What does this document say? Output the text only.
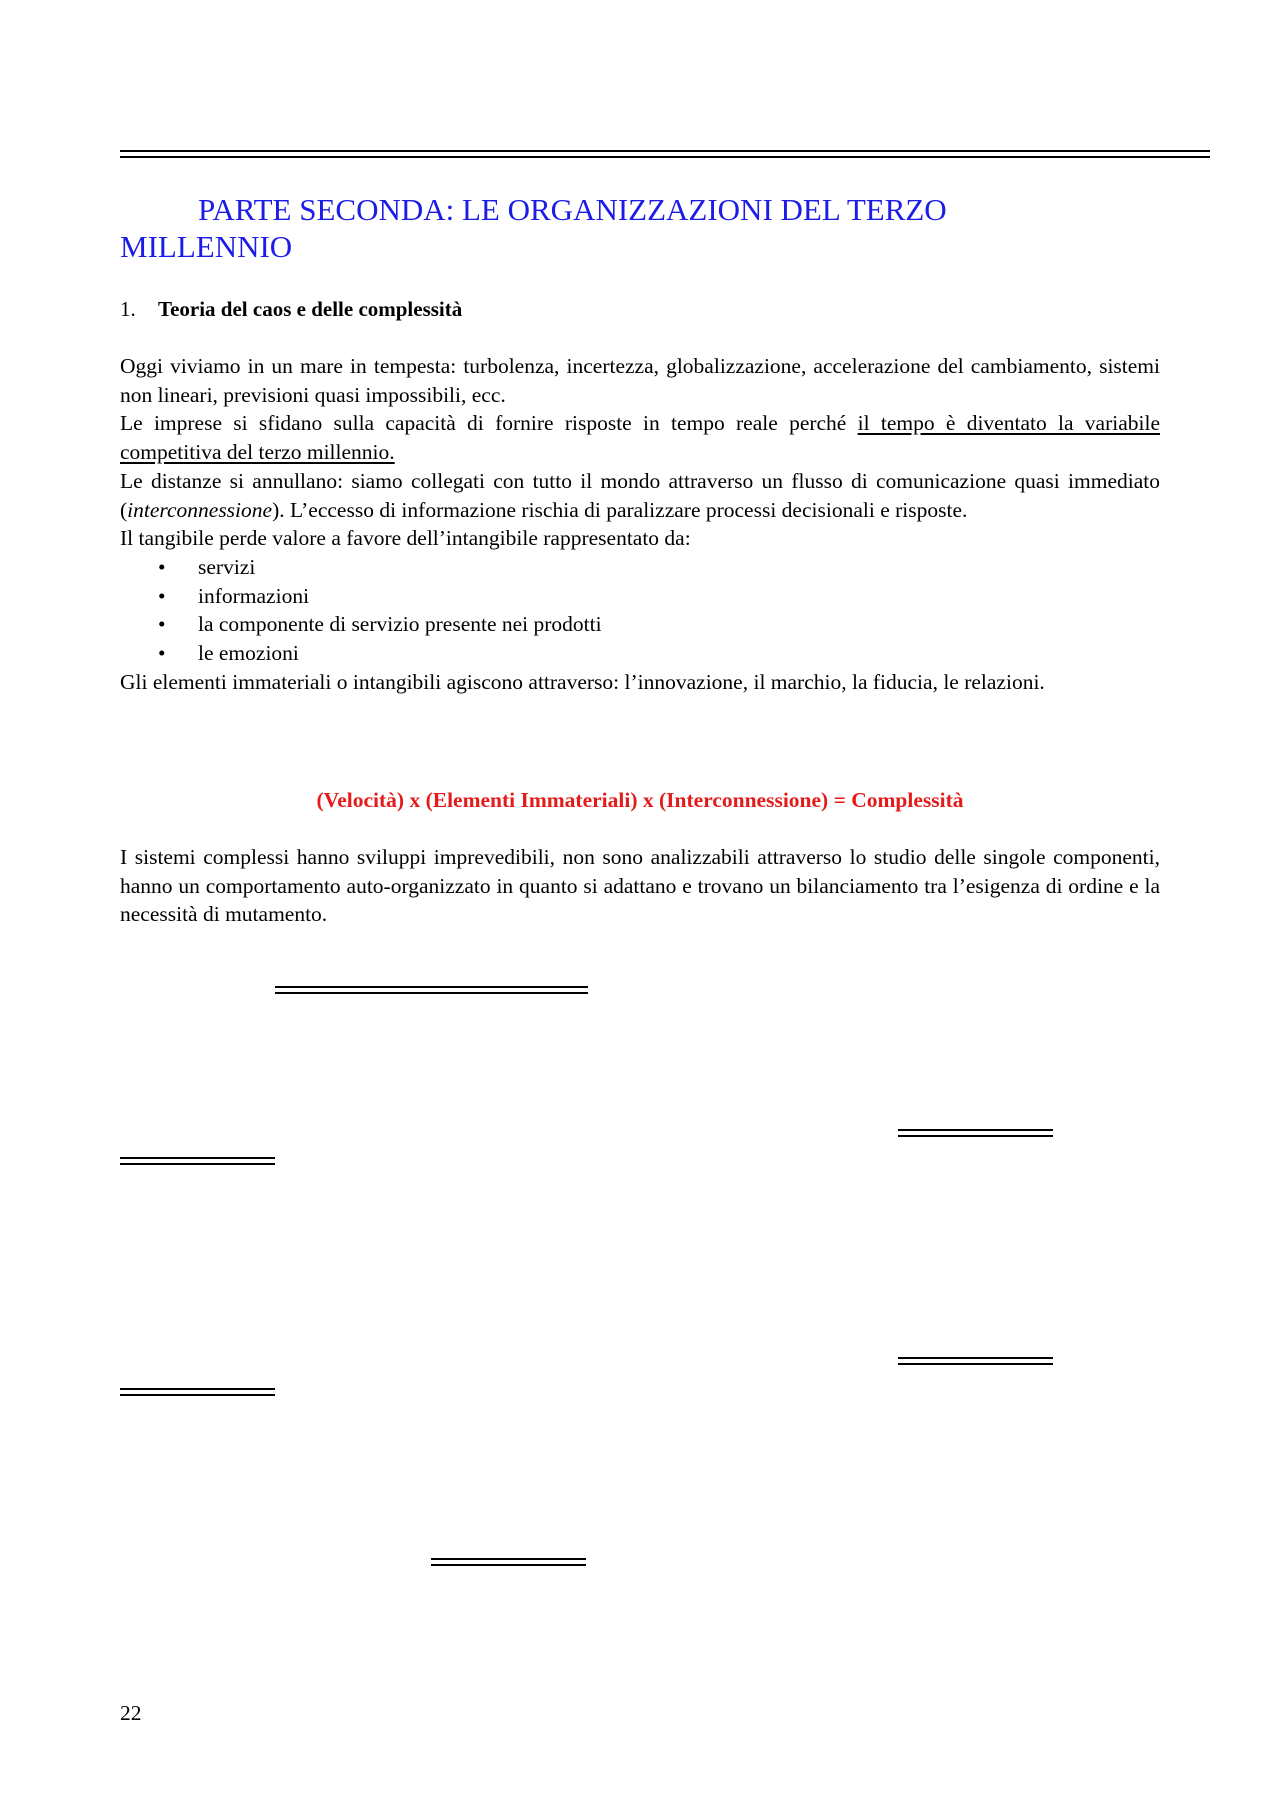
PARTE SECONDA: LE ORGANIZZAZIONI DEL TERZO
MILLENNIO
1. Teoria del caos e delle complessità

Oggi viviamo in un mare in tempesta: turbolenza, incertezza, globalizzazione, accelerazione del cambiamento, sistemi non lineari, previsioni quasi impossibili, ecc.

Le imprese si sfidano sulla capacità di fornire risposte in tempo reale perché il tempo è diventato la variabile competitiva del terzo millennio.

Le distanze si annullano: siamo collegati con tutto il mondo attraverso un flusso di comunicazione quasi immediato (interconnessione). L’eccesso di informazione rischia di paralizzare processi decisionali e risposte.

Il tangibile perde valore a favore dell’intangibile rappresentato da:

• servizi
• informazioni
• la componente di servizio presente nei prodotti
• le emozioni

Gli elementi immateriali o intangibili agiscono attraverso: l’innovazione, il marchio, la fiducia, le relazioni.

(Velocità) x (Elementi Immateriali) x (Interconnessione) = Complessità

I sistemi complessi hanno sviluppi imprevedibili, non sono analizzabili attraverso lo studio delle singole componenti, hanno un comportamento auto-organizzato in quanto si adattano e trovano un bilanciamento tra l’esigenza di ordine e la necessità di mutamento.

22
